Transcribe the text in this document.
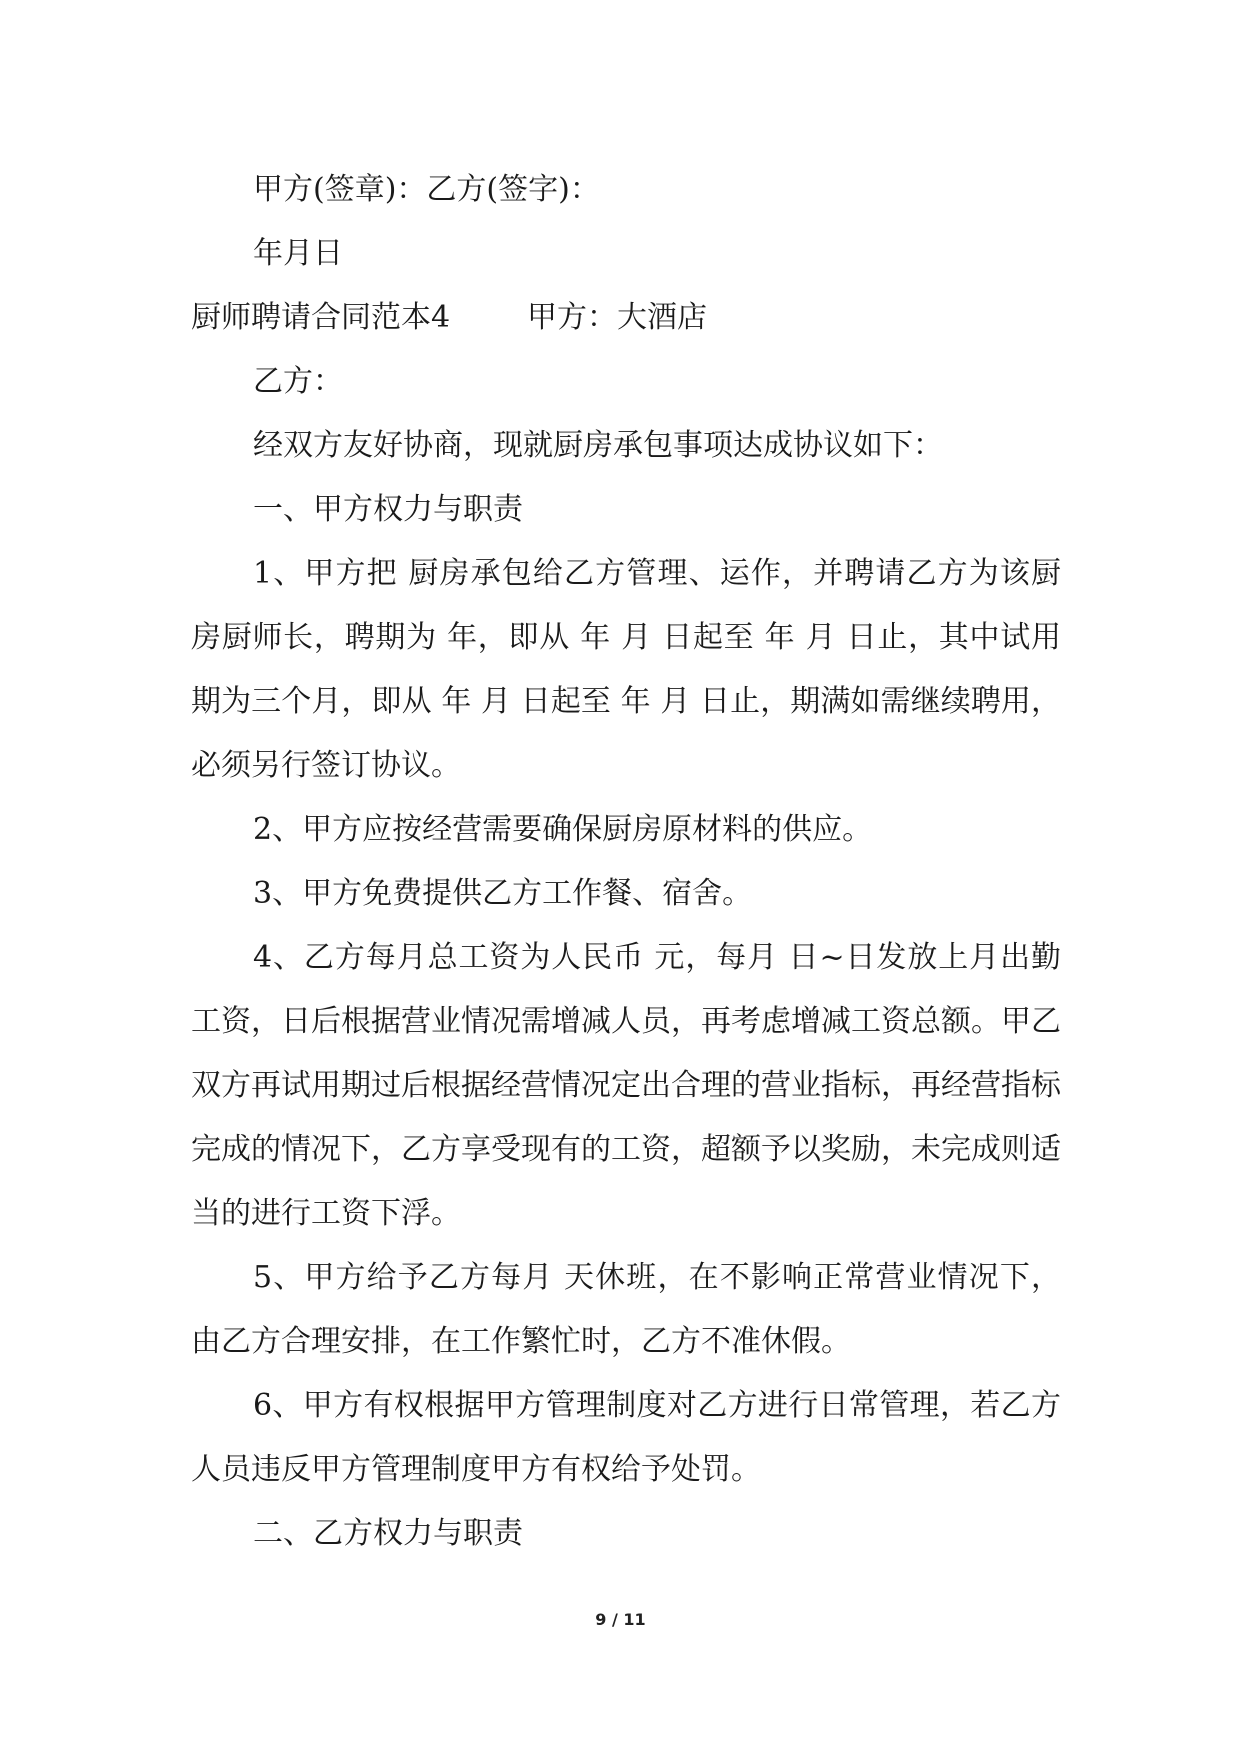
甲方(签章)：乙方(签字)：

年月日

厨师聘请合同范本4	甲方：大酒店

乙方：

经双方友好协商，现就厨房承包事项达成协议如下：

一、甲方权力与职责

1、甲方把 厨房承包给乙方管理、运作，并聘请乙方为该厨房厨师长，聘期为 年，即从 年 月 日起至 年 月 日止，其中试用期为三个月，即从 年 月 日起至 年 月 日止，期满如需继续聘用，必须另行签订协议。

2、甲方应按经营需要确保厨房原材料的供应。

3、甲方免费提供乙方工作餐、宿舍。

4、乙方每月总工资为人民币 元，每月 日~日发放上月出勤工资，日后根据营业情况需增减人员，再考虑增减工资总额。甲乙双方再试用期过后根据经营情况定出合理的营业指标，再经营指标完成的情况下，乙方享受现有的工资，超额予以奖励，未完成则适当的进行工资下浮。

5、甲方给予乙方每月 天休班，在不影响正常营业情况下，由乙方合理安排，在工作繁忙时，乙方不准休假。

6、甲方有权根据甲方管理制度对乙方进行日常管理，若乙方人员违反甲方管理制度甲方有权给予处罚。

二、乙方权力与职责

9 / 11
